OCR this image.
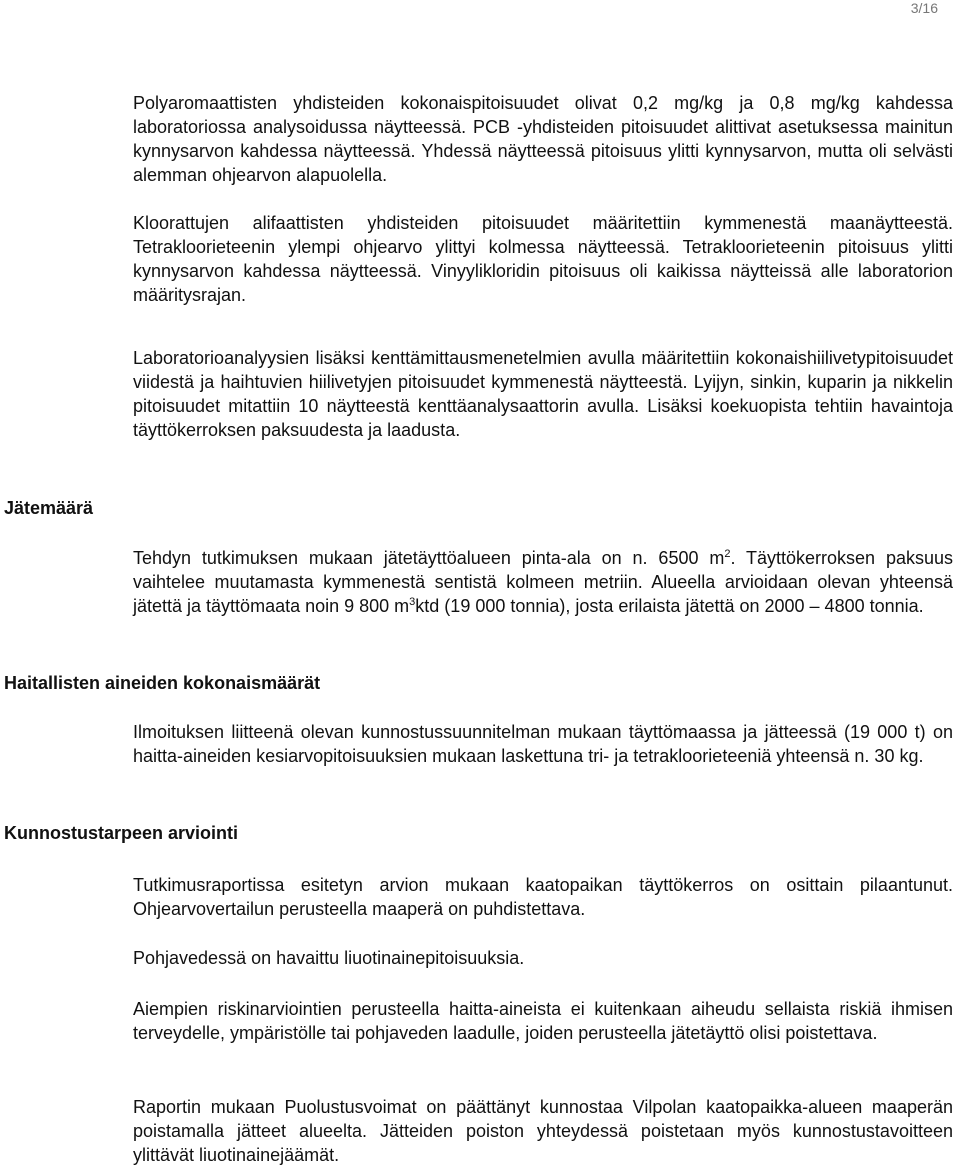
3/16

Polyaromaattisten yhdisteiden kokonaispitoisuudet olivat 0,2 mg/kg ja 0,8 mg/kg kahdessa laboratoriossa analysoidussa näytteessä. PCB -yhdisteiden pitoisuudet alittivat asetuksessa mainitun kynnysarvon kahdessa näytteessä. Yhdessä näytteessä pitoisuus ylitti kynnysarvon, mutta oli selvästi alemman ohjearvon alapuolella.

Kloorattujen alifaattisten yhdisteiden pitoisuudet määritettiin kymmenestä maanäytteestä. Tetrakloorieteenin ylempi ohjearvo ylittyi kolmessa näytteessä. Tetrakloorieteenin pitoisuus ylitti kynnysarvon kahdessa näytteessä. Vinyylikloridin pitoisuus oli kaikissa näytteissä alle laboratorion määritysrajan.

Laboratorioanalyysien lisäksi kenttämittausmenetelmien avulla määritettiin kokonaishiilivetypitoisuudet viidestä ja haihtuvien hiilivetyjen pitoisuudet kymmenestä näytteestä. Lyijyn, sinkin, kuparin ja nikkelin pitoisuudet mitattiin 10 näytteestä kenttäanalysaattorin avulla. Lisäksi koekuopista tehtiin havaintoja täyttökerroksen paksuudesta ja laadusta.

Jätemäärä

Tehdyn tutkimuksen mukaan jätetäyttöalueen pinta-ala on n. 6500 $m^2$. Täyttökerroksen paksuus vaihtelee muutamasta kymmenestä sentistä kolmeen metriin. Alueella arvioidaan olevan yhteensä jätettä ja täyttömaata noin 9 800 $m^3ktd$ (19 000 tonnia), josta erilaista jätettä on 2000 – 4800 tonnia.

Haitallisten aineiden kokonaismäärät

Ilmoituksen liitteenä olevan kunnostussuunnitelman mukaan täyttömaassa ja jätteessä (19 000 t) on haitta-aineiden kesiarvopitoisuuksien mukaan laskettuna tri- ja tetrakloorieteeniä yhteensä n. 30 kg.

Kunnostustarpeen arviointi

Tutkimusraportissa esitetyn arvion mukaan kaatopaikan täyttökerros on osittain pilaantunut. Ohjearvovertailun perusteella maaperä on puhdistettava.

Pohjavedessä on havaittu liuotinainepitoisuuksia.

Aiempien riskinarviointien perusteella haitta-aineista ei kuitenkaan aiheudu sellaista riskiä ihmisen terveydelle, ympäristölle tai pohjaveden laadulle, joiden perusteella jätetäyttö olisi poistettava.

Raportin mukaan Puolustusvoimat on päättänyt kunnostaa Vilpolan kaatopaikka-alueen maaperän poistamalla jätteet alueelta. Jätteiden poiston yhteydessä poistetaan myös kunnostustavoitteen ylittävät liuotinainejäämät.
